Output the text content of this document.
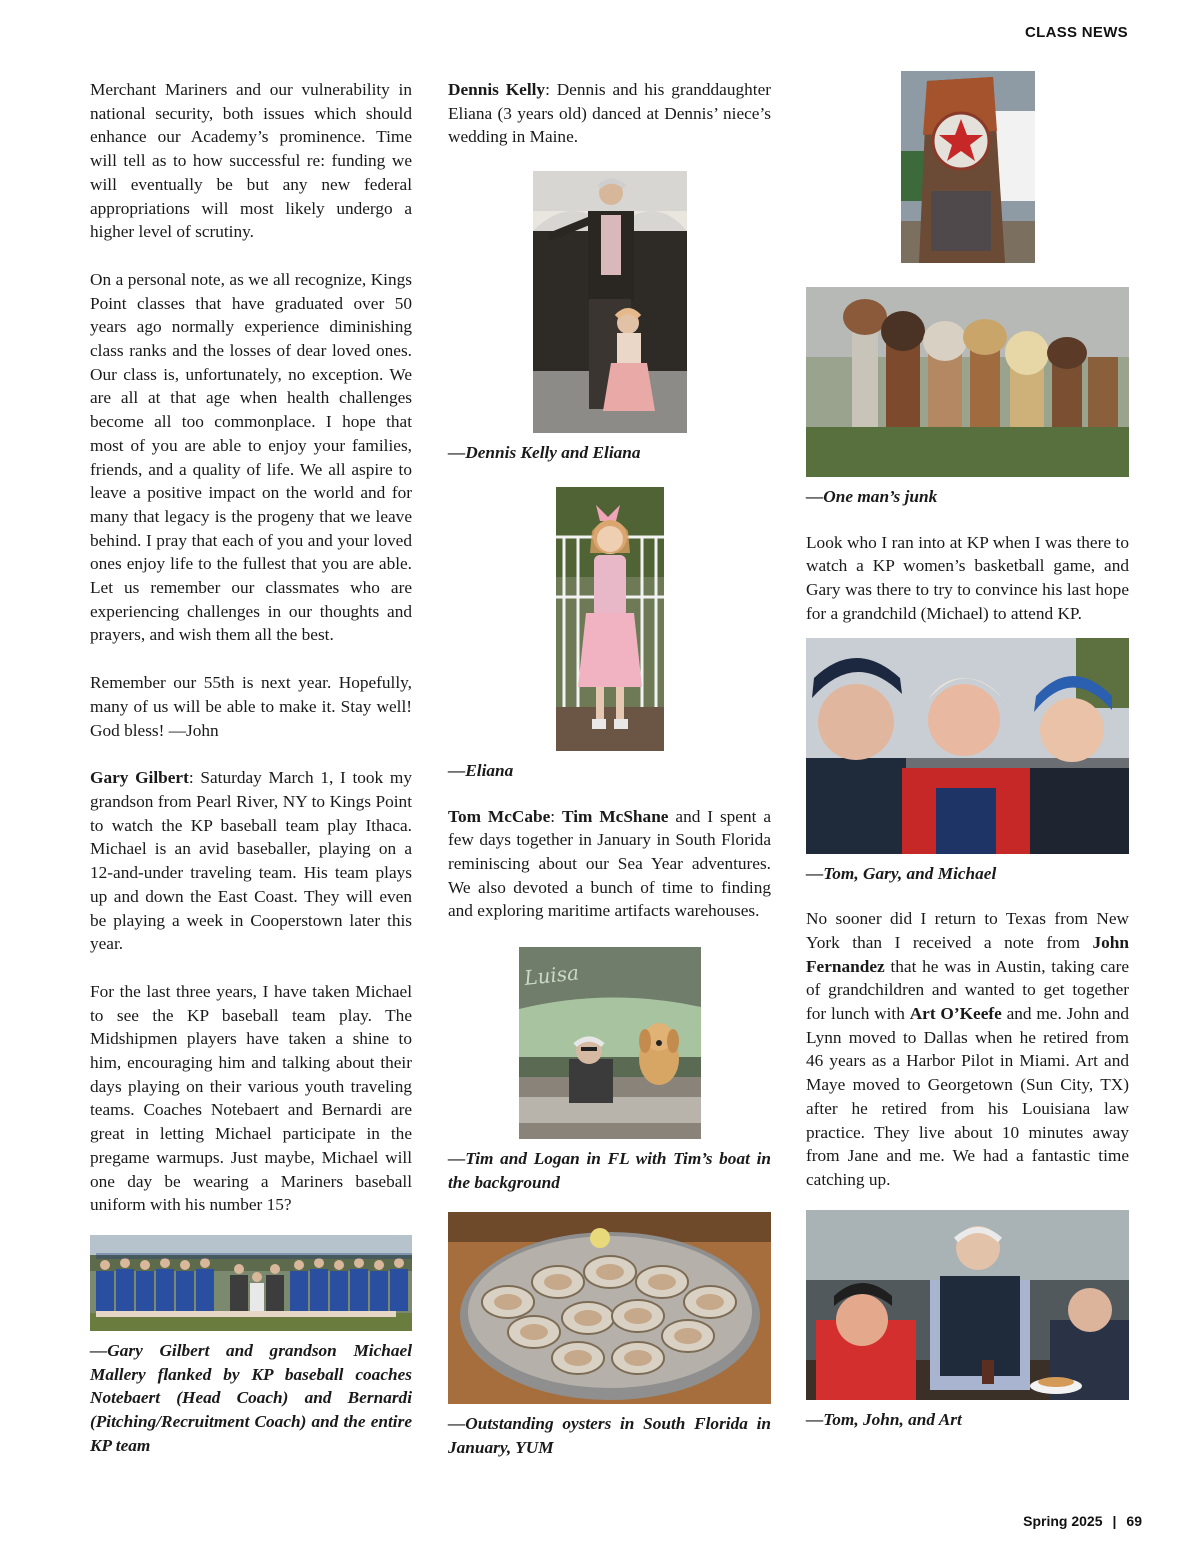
CLASS NEWS

Merchant Mariners and our vulnerability in national security, both issues which should enhance our Academy’s prominence. Time will tell as to how successful re: funding we will eventually be but any new federal appropriations will most likely undergo a higher level of scrutiny.

On a personal note, as we all recognize, Kings Point classes that have graduated over 50 years ago normally experience diminishing class ranks and the losses of dear loved ones. Our class is, unfortunately, no exception. We are all at that age when health challenges become all too commonplace. I hope that most of you are able to enjoy your families, friends, and a quality of life. We all aspire to leave a positive impact on the world and for many that legacy is the progeny that we leave behind. I pray that each of you and your loved ones enjoy life to the fullest that you are able. Let us remember our classmates who are experiencing challenges in our thoughts and prayers, and wish them all the best.

Remember our 55th is next year. Hopefully, many of us will be able to make it. Stay well! God bless! —John

Gary Gilbert: Saturday March 1, I took my grandson from Pearl River, NY to Kings Point to watch the KP baseball team play Ithaca. Michael is an avid baseballer, playing on a 12-and-under traveling team. His team plays up and down the East Coast. They will even be playing a week in Cooperstown later this year.

For the last three years, I have taken Michael to see the KP baseball team play. The Midshipmen players have taken a shine to him, encouraging him and talking about their days playing on their various youth traveling teams. Coaches Notebaert and Bernardi are great in letting Michael participate in the pregame warmups. Just maybe, Michael will one day be wearing a Mariners baseball uniform with his number 15?

—Gary Gilbert and grandson Michael Mallery flanked by KP baseball coaches Notebaert (Head Coach) and Bernardi (Pitching/Recruitment Coach) and the entire KP team

Dennis Kelly: Dennis and his granddaughter Eliana (3 years old) danced at Dennis’ niece’s wedding in Maine.

—Dennis Kelly and Eliana
—Eliana

Tom McCabe: Tim McShane and I spent a few days together in January in South Florida reminiscing about our Sea Year adventures. We also devoted a bunch of time to finding and exploring maritime artifacts warehouses.

Luisa
—Tim and Logan in FL with Tim’s boat in the background
—Outstanding oysters in South Florida in January, YUM
—One man’s junk

Look who I ran into at KP when I was there to watch a KP women’s basketball game, and Gary was there to try to convince his last hope for a grandchild (Michael) to attend KP.

—Tom, Gary, and Michael

No sooner did I return to Texas from New York than I received a note from John Fernandez that he was in Austin, taking care of grandchildren and wanted to get together for lunch with Art O’Keefe and me. John and Lynn moved to Dallas when he retired from 46 years as a Harbor Pilot in Miami. Art and Maye moved to Georgetown (Sun City, TX) after he retired from his Louisiana law practice. They live about 10 minutes away from Jane and me. We had a fantastic time catching up.

—Tom, John, and Art
Spring 2025 | 69
